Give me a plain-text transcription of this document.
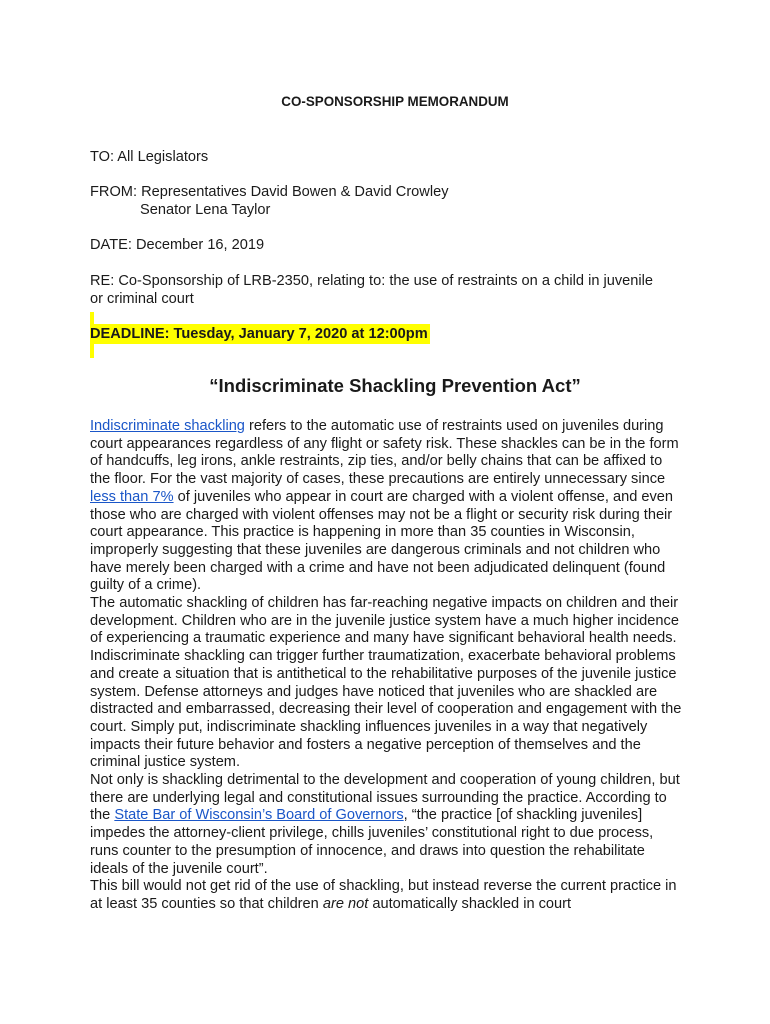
CO-SPONSORSHIP MEMORANDUM
TO: All Legislators
FROM: Representatives David Bowen & David Crowley
Senator Lena Taylor
DATE: December 16, 2019
RE: Co-Sponsorship of LRB-2350, relating to: the use of restraints on a child in juvenile
or criminal court
DEADLINE: Tuesday, January 7, 2020 at 12:00pm
“Indiscriminate Shackling Prevention Act”

Indiscriminate shackling refers to the automatic use of restraints used on juveniles during court appearances regardless of any flight or safety risk. These shackles can be in the form of handcuffs, leg irons, ankle restraints, zip ties, and/or belly chains that can be affixed to the floor. For the vast majority of cases, these precautions are entirely unnecessary since less than 7% of juveniles who appear in court are charged with a violent offense, and even those who are charged with violent offenses may not be a flight or security risk during their court appearance. This practice is happening in more than 35 counties in Wisconsin, improperly suggesting that these juveniles are dangerous criminals and not children who have merely been charged with a crime and have not been adjudicated delinquent (found guilty of a crime).

The automatic shackling of children has far-reaching negative impacts on children and their development. Children who are in the juvenile justice system have a much higher incidence of experiencing a traumatic experience and many have significant behavioral health needs. Indiscriminate shackling can trigger further traumatization, exacerbate behavioral problems and create a situation that is antithetical to the rehabilitative purposes of the juvenile justice system. Defense attorneys and judges have noticed that juveniles who are shackled are distracted and embarrassed, decreasing their level of cooperation and engagement with the court. Simply put, indiscriminate shackling influences juveniles in a way that negatively impacts their future behavior and fosters a negative perception of themselves and the criminal justice system.

Not only is shackling detrimental to the development and cooperation of young children, but there are underlying legal and constitutional issues surrounding the practice. According to the State Bar of Wisconsin’s Board of Governors, “the practice [of shackling juveniles] impedes the attorney-client privilege, chills juveniles’ constitutional right to due process, runs counter to the presumption of innocence, and draws into question the rehabilitate ideals of the juvenile court”.

This bill would not get rid of the use of shackling, but instead reverse the current practice in at least 35 counties so that children are not automatically shackled in court
